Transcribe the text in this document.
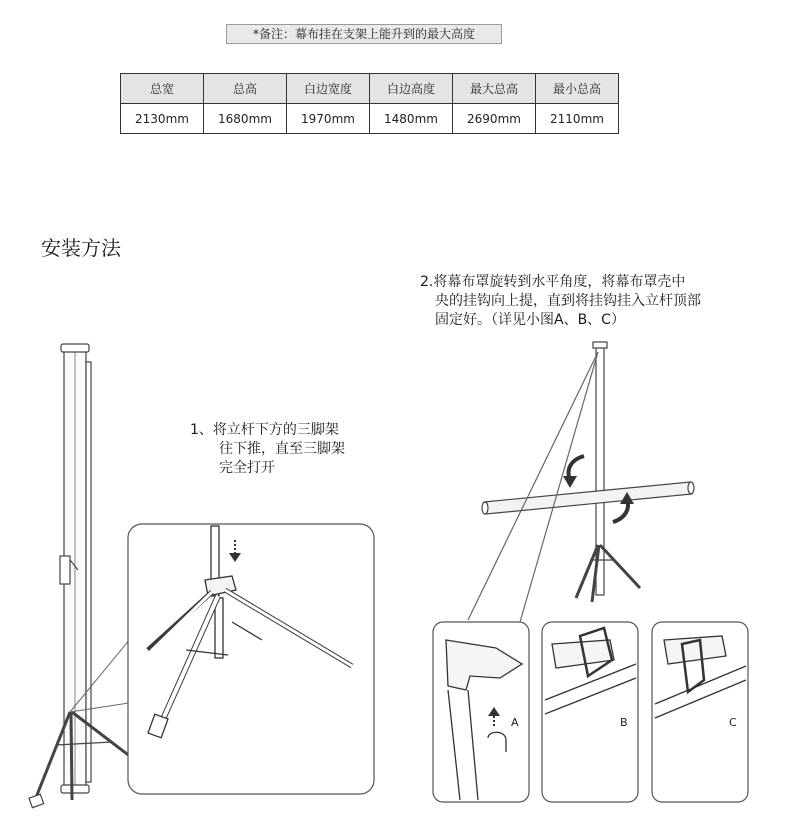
*备注：幕布挂在支架上能升到的最大高度
总宽	总高	白边宽度	白边高度	最大总高	最小总高
2130mm	1680mm	1970mm	1480mm	2690mm	2110mm
安装方法
1、将立杆下方的三脚架
往下推，直至三脚架
完全打开
2.将幕布罩旋转到水平角度，将幕布罩壳中
央的挂钩向上提，直到将挂钩挂入立杆顶部
固定好。（详见小图A、B、C）
A	B	C
